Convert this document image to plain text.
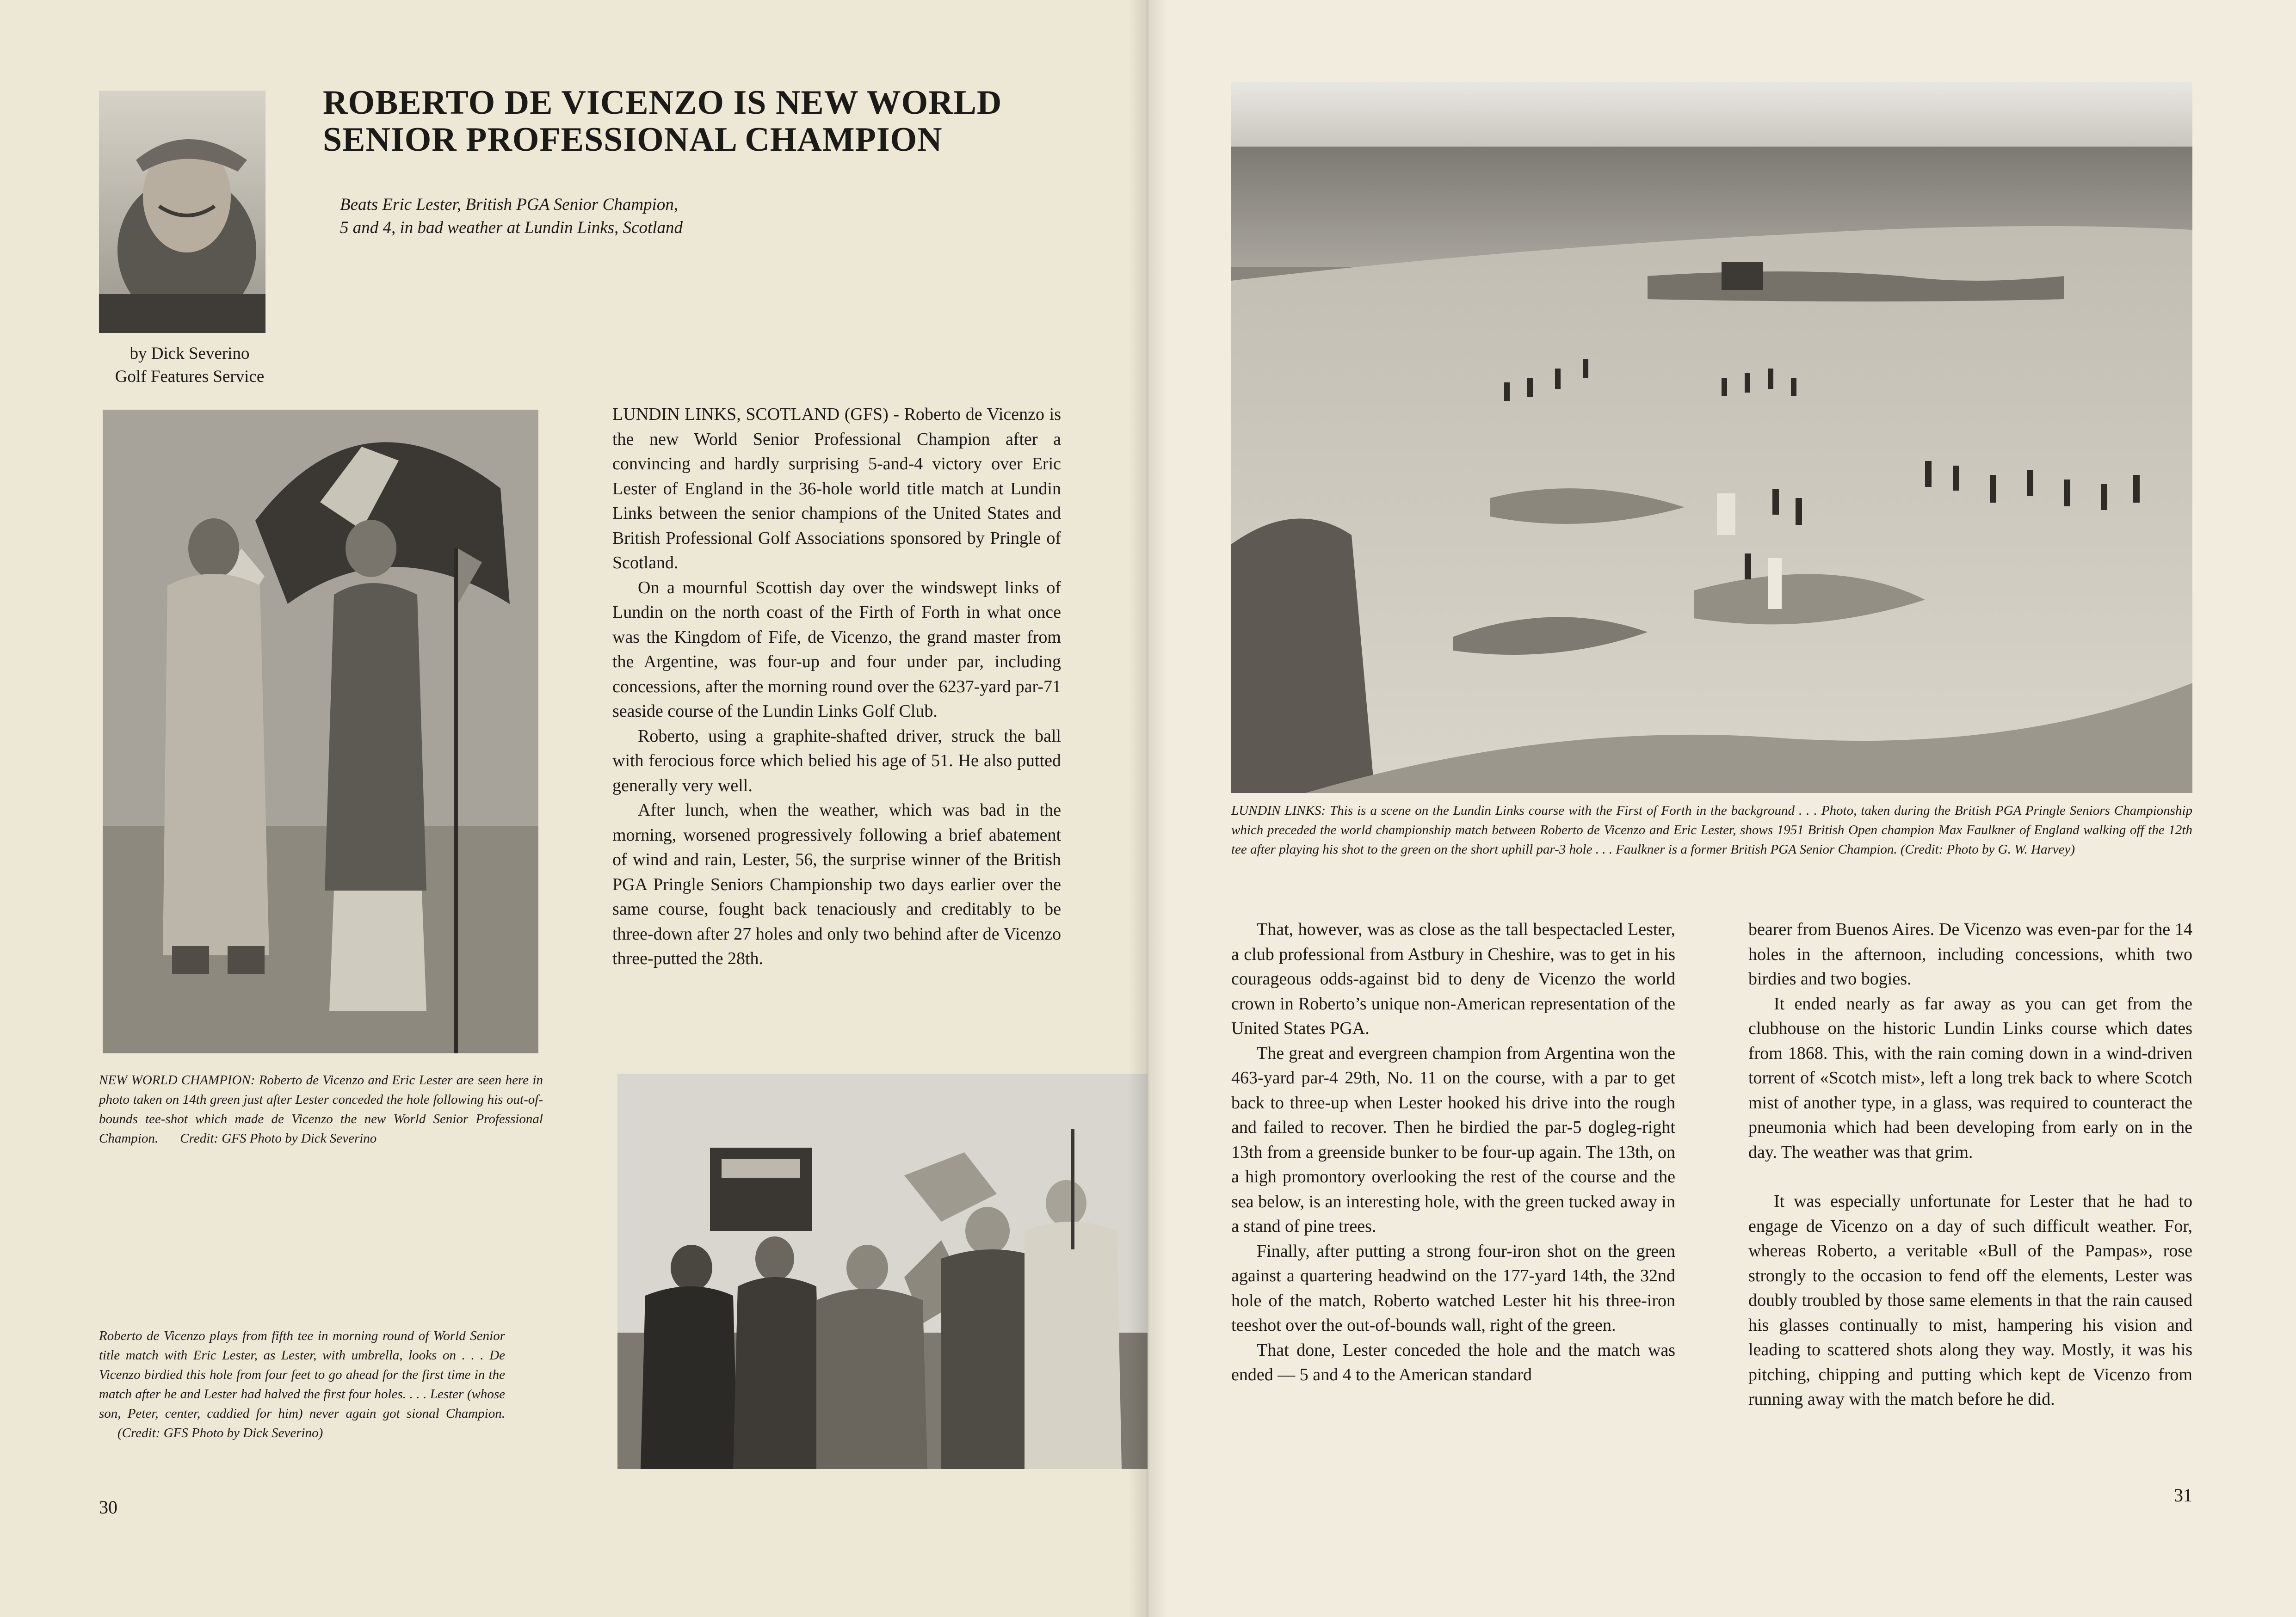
ROBERTO DE VICENZO IS NEW WORLD
SENIOR PROFESSIONAL CHAMPION
Beats Eric Lester, British PGA Senior Champion,
5 and 4, in bad weather at Lundin Links, Scotland
by Dick Severino
Golf Features Service
NEW WORLD CHAMPION: Roberto de Vicenzo and Eric Lester are seen here in photo taken on 14th green just after Lester conceded the hole following his out-of-bounds tee-shot which made de Vicenzo the new World Senior Professional Champion. Credit: GFS Photo by Dick Severino

LUNDIN LINKS, SCOTLAND (GFS) - Roberto de Vicenzo is the new World Senior Professional Champion after a convincing and hardly surprising 5-and-4 victory over Eric Lester of England in the 36-hole world title match at Lundin Links between the senior champions of the United States and British Professional Golf Associations sponsored by Pringle of Scotland.

On a mournful Scottish day over the windswept links of Lundin on the north coast of the Firth of Forth in what once was the Kingdom of Fife, de Vicenzo, the grand master from the Argentine, was four-up and four under par, including concessions, after the morning round over the 6237-yard par-71 seaside course of the Lundin Links Golf Club.

Roberto, using a graphite-shafted driver, struck the ball with ferocious force which belied his age of 51. He also putted generally very well.

After lunch, when the weather, which was bad in the morning, worsened progressively following a brief abatement of wind and rain, Lester, 56, the surprise winner of the British PGA Pringle Seniors Championship two days earlier over the same course, fought back tenaciously and creditably to be three-down after 27 holes and only two behind after de Vicenzo three-putted the 28th.

Roberto de Vicenzo plays from fifth tee in morning round of World Senior title match with Eric Lester, as Lester, with umbrella, looks on . . . De Vicenzo birdied this hole from four feet to go ahead for the first time in the match after he and Lester had halved the first four holes. . . . Lester (whose son, Peter, center, caddied for him) never again got sional Champion. (Credit: GFS Photo by Dick Severino)
30
LUNDIN LINKS: This is a scene on the Lundin Links course with the First of Forth in the background . . . Photo, taken during the British PGA Pringle Seniors Championship which preceded the world championship match between Roberto de Vicenzo and Eric Lester, shows 1951 British Open champion Max Faulkner of England walking off the 12th tee after playing his shot to the green on the short uphill par-3 hole . . . Faulkner is a former British PGA Senior Champion. (Credit: Photo by G. W. Harvey)

That, however, was as close as the tall bespectacled Lester, a club professional from Astbury in Cheshire, was to get in his courageous odds-against bid to deny de Vicenzo the world crown in Roberto’s unique non-American representation of the United States PGA.

The great and evergreen champion from Argentina won the 463-yard par-4 29th, No. 11 on the course, with a par to get back to three-up when Lester hooked his drive into the rough and failed to recover. Then he birdied the par-5 dogleg-right 13th from a greenside bunker to be four-up again. The 13th, on a high promontory overlooking the rest of the course and the sea below, is an interesting hole, with the green tucked away in a stand of pine trees.

Finally, after putting a strong four-iron shot on the green against a quartering headwind on the 177-yard 14th, the 32nd hole of the match, Roberto watched Lester hit his three-iron teeshot over the out-of-bounds wall, right of the green.

That done, Lester conceded the hole and the match was ended — 5 and 4 to the American standard

bearer from Buenos Aires. De Vicenzo was even-par for the 14 holes in the afternoon, including concessions, whith two birdies and two bogies.

It ended nearly as far away as you can get from the clubhouse on the historic Lundin Links course which dates from 1868. This, with the rain coming down in a wind-driven torrent of «Scotch mist», left a long trek back to where Scotch mist of another type, in a glass, was required to counteract the pneumonia which had been developing from early on in the day. The weather was that grim.

It was especially unfortunate for Lester that he had to engage de Vicenzo on a day of such difficult weather. For, whereas Roberto, a veritable «Bull of the Pampas», rose strongly to the occasion to fend off the elements, Lester was doubly troubled by those same elements in that the rain caused his glasses continually to mist, hampering his vision and leading to scattered shots along they way. Mostly, it was his pitching, chipping and putting which kept de Vicenzo from running away with the match before he did.

31
